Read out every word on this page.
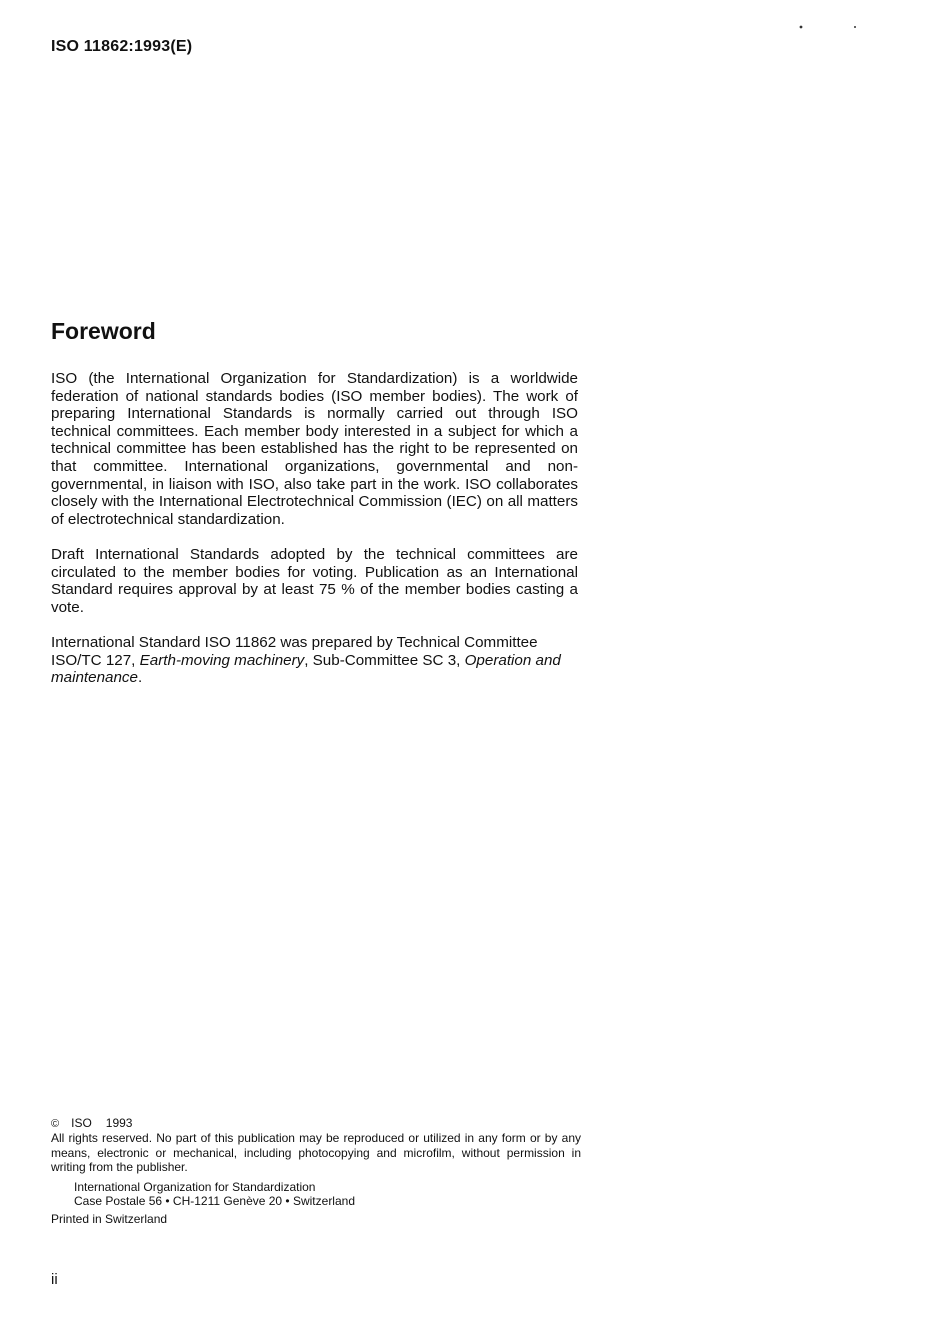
ISO 11862:1993(E)
Foreword

ISO (the International Organization for Standardization) is a worldwide federation of national standards bodies (ISO member bodies). The work of preparing International Standards is normally carried out through ISO technical committees. Each member body interested in a subject for which a technical committee has been established has the right to be represented on that committee. International organizations, governmental and non-governmental, in liaison with ISO, also take part in the work. ISO collaborates closely with the International Electrotechnical Commission (IEC) on all matters of electrotechnical standardization.

Draft International Standards adopted by the technical committees are circulated to the member bodies for voting. Publication as an International Standard requires approval by at least 75 % of the member bodies casting a vote.

International Standard ISO 11862 was prepared by Technical Committee ISO/TC 127, Earth-moving machinery, Sub-Committee SC 3, Operation and maintenance.

© ISO 1993

All rights reserved. No part of this publication may be reproduced or utilized in any form or by any means, electronic or mechanical, including photocopying and microfilm, without permission in writing from the publisher.

International Organization for Standardization
Case Postale 56 • CH-1211 Genève 20 • Switzerland
Printed in Switzerland
ii
